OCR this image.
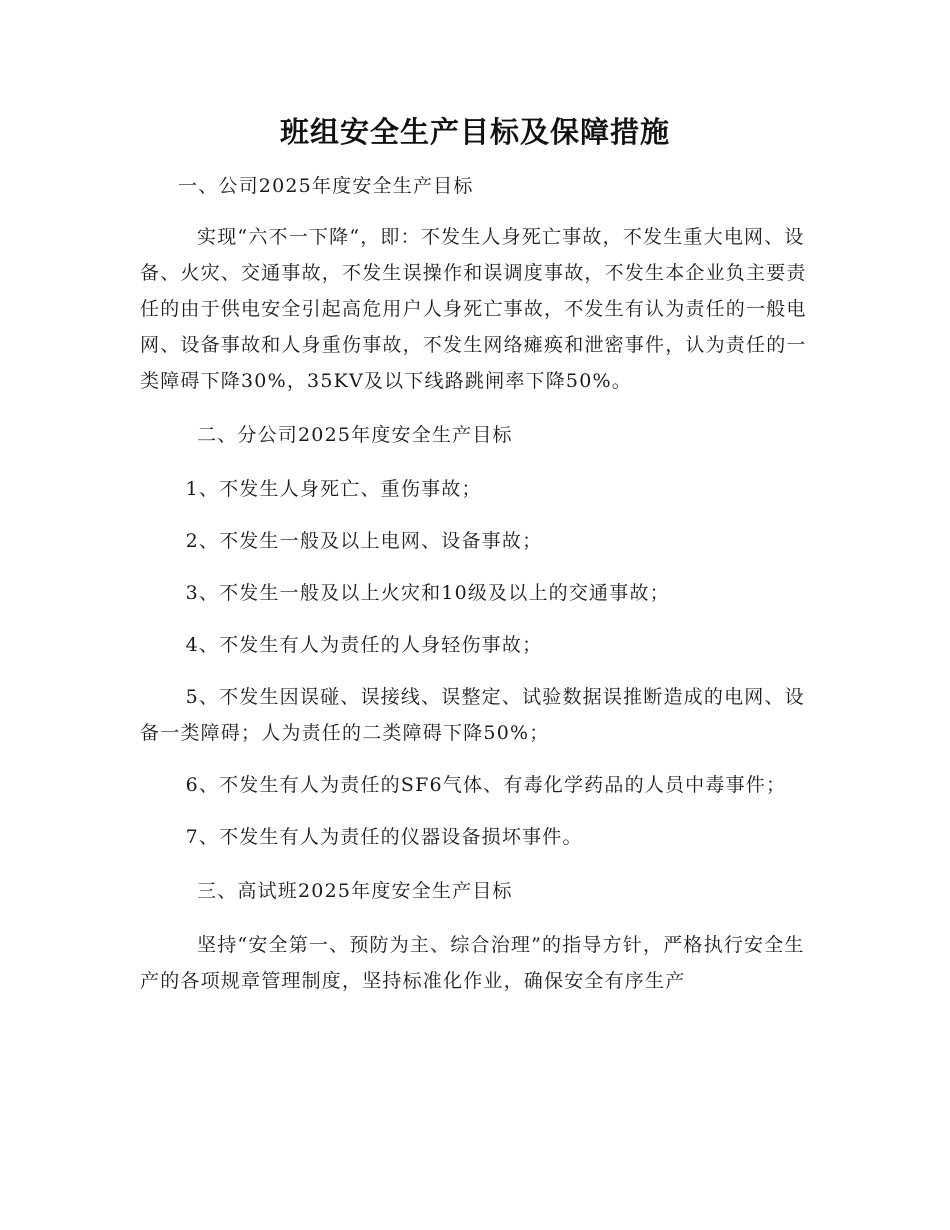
班组安全生产目标及保障措施

一、公司2025年度安全生产目标

实现“六不一下降“，即：不发生人身死亡事故，不发生重大电网、设备、火灾、交通事故，不发生误操作和误调度事故，不发生本企业负主要责任的由于供电安全引起高危用户人身死亡事故，不发生有认为责任的一般电网、设备事故和人身重伤事故，不发生网络瘫痪和泄密事件，认为责任的一类障碍下降30%，35KV及以下线路跳闸率下降50%。

二、分公司2025年度安全生产目标

1、不发生人身死亡、重伤事故；

2、不发生一般及以上电网、设备事故；

3、不发生一般及以上火灾和10级及以上的交通事故；

4、不发生有人为责任的人身轻伤事故；

5、不发生因误碰、误接线、误整定、试验数据误推断造成的电网、设备一类障碍；人为责任的二类障碍下降50%；

6、不发生有人为责任的SF6气体、有毒化学药品的人员中毒事件；

7、不发生有人为责任的仪器设备损坏事件。

三、高试班2025年度安全生产目标

坚持“安全第一、预防为主、综合治理”的指导方针，严格执行安全生产的各项规章管理制度，坚持标准化作业，确保安全有序生产
